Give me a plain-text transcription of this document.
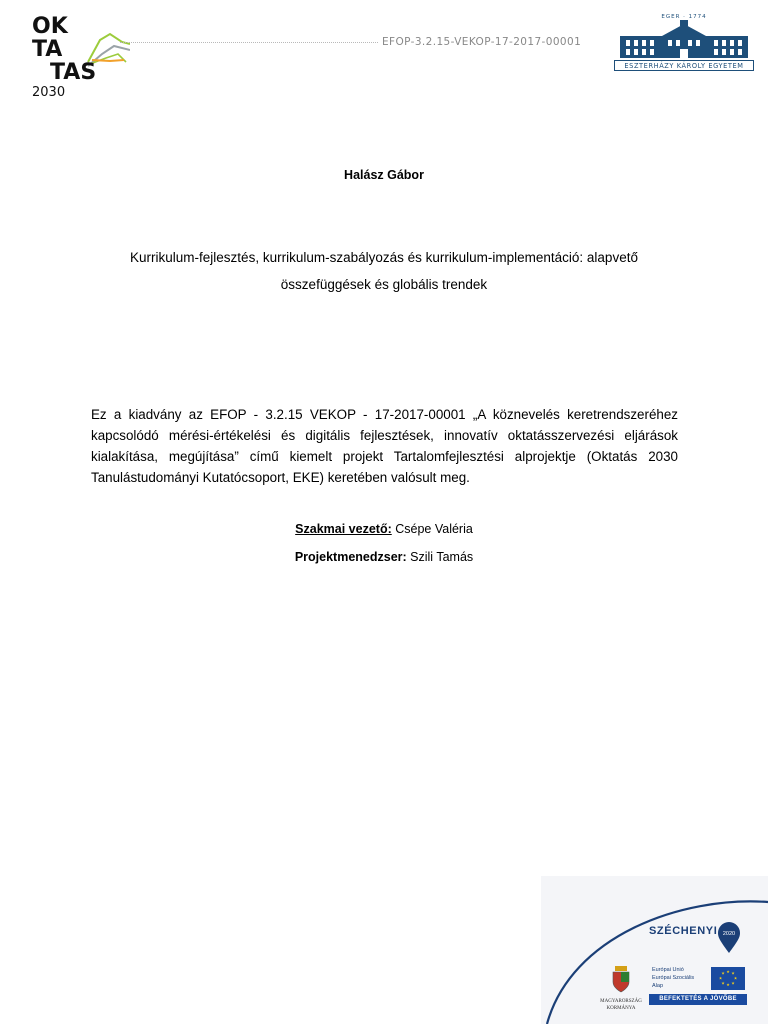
OK
TA
TAS
2030
EFOP-3.2.15-VEKOP-17-2017-00001
EGER · 1774
ESZTERHÁZY KÁROLY EGYETEM
Halász Gábor
Kurrikulum-fejlesztés, kurrikulum-szabályozás és kurrikulum-implementáció: alapvető
összefüggések és globális trendek
Ez a kiadvány az EFOP - 3.2.15 VEKOP - 17-2017-00001 „A köznevelés keretrendszeréhez kapcsolódó mérési-értékelési és digitális fejlesztések, innovatív oktatásszervezési eljárások kialakítása, megújítása” című kiemelt projekt Tartalomfejlesztési alprojektje (Oktatás 2030 Tanulástudományi Kutatócsoport, EKE) keretében valósult meg.
Szakmai vezető: Csépe Valéria
Projektmenedzser: Szili Tamás
SZÉCHENYI 2020
MAGYARORSZÁG
KORMÁNYA
Európai Unió
Európai Szociális
Alap
★ ★
★
★
★
★
★
★
BEFEKTETÉS A JÖVŐBE
